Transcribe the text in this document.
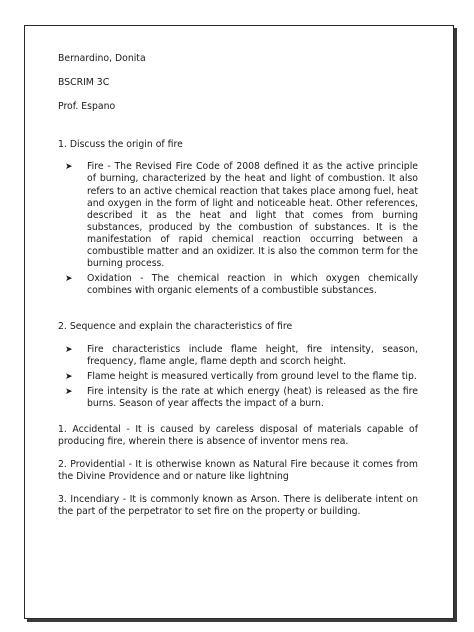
Bernardino, Donita
BSCRIM 3C
Prof. Espano
1. Discuss the origin of fire
➤ Fire - The Revised Fire Code of 2008 defined it as the active principle of burning, characterized by the heat and light of combustion. It also refers to an active chemical reaction that takes place among fuel, heat and oxygen in the form of light and noticeable heat. Other references, described it as the heat and light that comes from burning substances, produced by the combustion of substances. It is the manifestation of rapid chemical reaction occurring between a combustible matter and an oxidizer. It is also the common term for the burning process.
➤ Oxidation - The chemical reaction in which oxygen chemically combines with organic elements of a combustible substances.
2. Sequence and explain the characteristics of fire
➤ Fire characteristics include flame height, fire intensity, season, frequency, flame angle, flame depth and scorch height.
➤ Flame height is measured vertically from ground level to the flame tip.
➤ Fire intensity is the rate at which energy (heat) is released as the fire burns. Season of year affects the impact of a burn.

1. Accidental - It is caused by careless disposal of materials capable of producing fire, wherein there is absence of inventor mens rea.

2. Providential - It is otherwise known as Natural Fire because it comes from the Divine Providence and or nature like lightning

3. Incendiary - It is commonly known as Arson. There is deliberate intent on the part of the perpetrator to set fire on the property or building.
